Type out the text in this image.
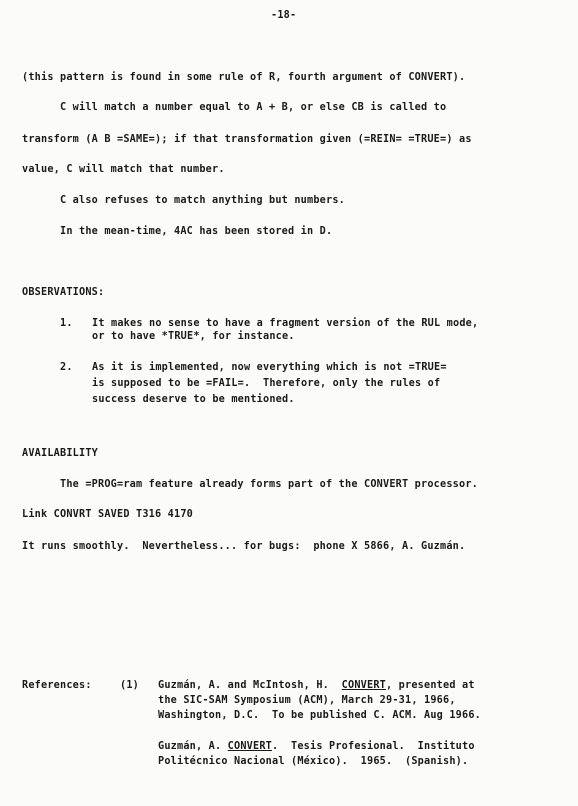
-18-
(this pattern is found in some rule of R, fourth argument of CONVERT).
C will match a number equal to A + B, or else CB is called to
transform (A B =SAME=); if that transformation given (=REIN= =TRUE=) as
value, C will match that number.
C also refuses to match anything but numbers.
In the mean-time, 4AC has been stored in D.
OBSERVATIONS:
1. It makes no sense to have a fragment version of the RUL mode,
or to have *TRUE*, for instance.
2. As it is implemented, now everything which is not =TRUE=
is supposed to be =FAIL=.  Therefore, only the rules of
success deserve to be mentioned.
AVAILABILITY
The =PROG=ram feature already forms part of the CONVERT processor.
Link CONVRT SAVED T316 4170
It runs smoothly.  Nevertheless... for bugs:  phone X 5866, A. Guzmán.
References:	(1) Guzmán, A. and McIntosh, H.  CONVERT, presented at
the SIC-SAM Symposium (ACM), March 29-31, 1966,
Washington, D.C.  To be published C. ACM. Aug 1966.
Guzmán, A. CONVERT.  Tesis Profesional.  Instituto
Politécnico Nacional (México).  1965.  (Spanish).
